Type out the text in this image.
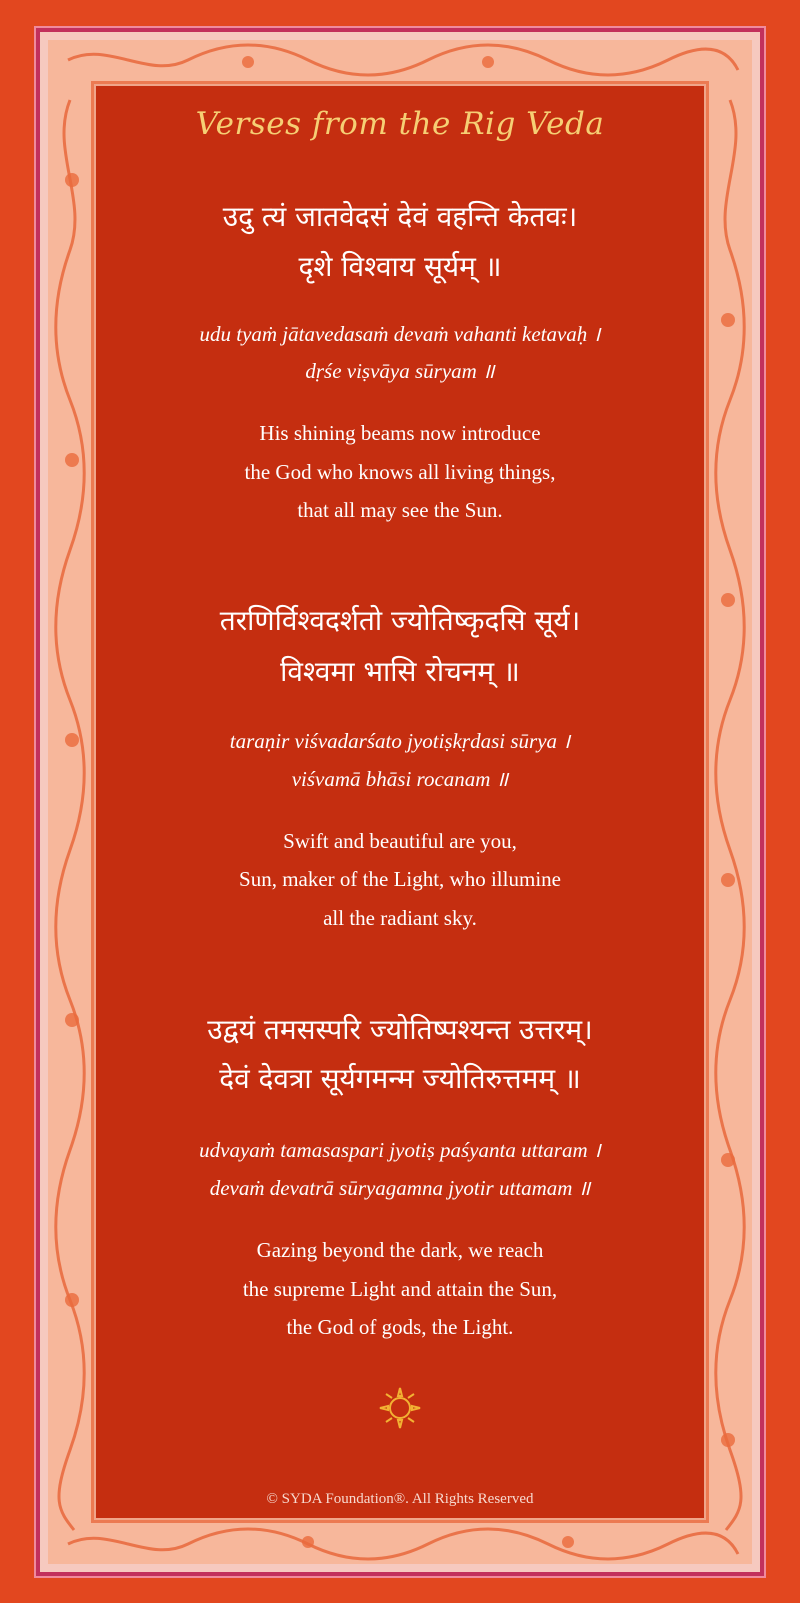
Verses from the Rig Veda
उदु त्यं जातवेदसं देवं वहन्ति केतवः।
दृशे विश्वाय सूर्यम् ॥
udu tyaṁ jātavedasaṁ devaṁ vahanti ketavaḥ ।
dṛśe viṣvāya sūryam ॥
His shining beams now introduce
the God who knows all living things,
that all may see the Sun.
तरणिर्विश्वदर्शतो ज्योतिष्कृदसि सूर्य।
विश्वमा भासि रोचनम् ॥
taraṇir viśvadarśato jyotiṣkṛdasi sūrya ।
viśvamā bhāsi rocanam ॥
Swift and beautiful are you,
Sun, maker of the Light, who illumine
all the radiant sky.
उद्वयं तमसस्परि ज्योतिष्पश्यन्त उत्तरम्।
देवं देवत्रा सूर्यगमन्म ज्योतिरुत्तमम् ॥
udvayaṁ tamasaspari jyotiṣ paśyanta uttaram ।
devaṁ devatrā sūryagamna jyotir uttamam ॥
Gazing beyond the dark, we reach
the supreme Light and attain the Sun,
the God of gods, the Light.
© SYDA Foundation®. All Rights Reserved
